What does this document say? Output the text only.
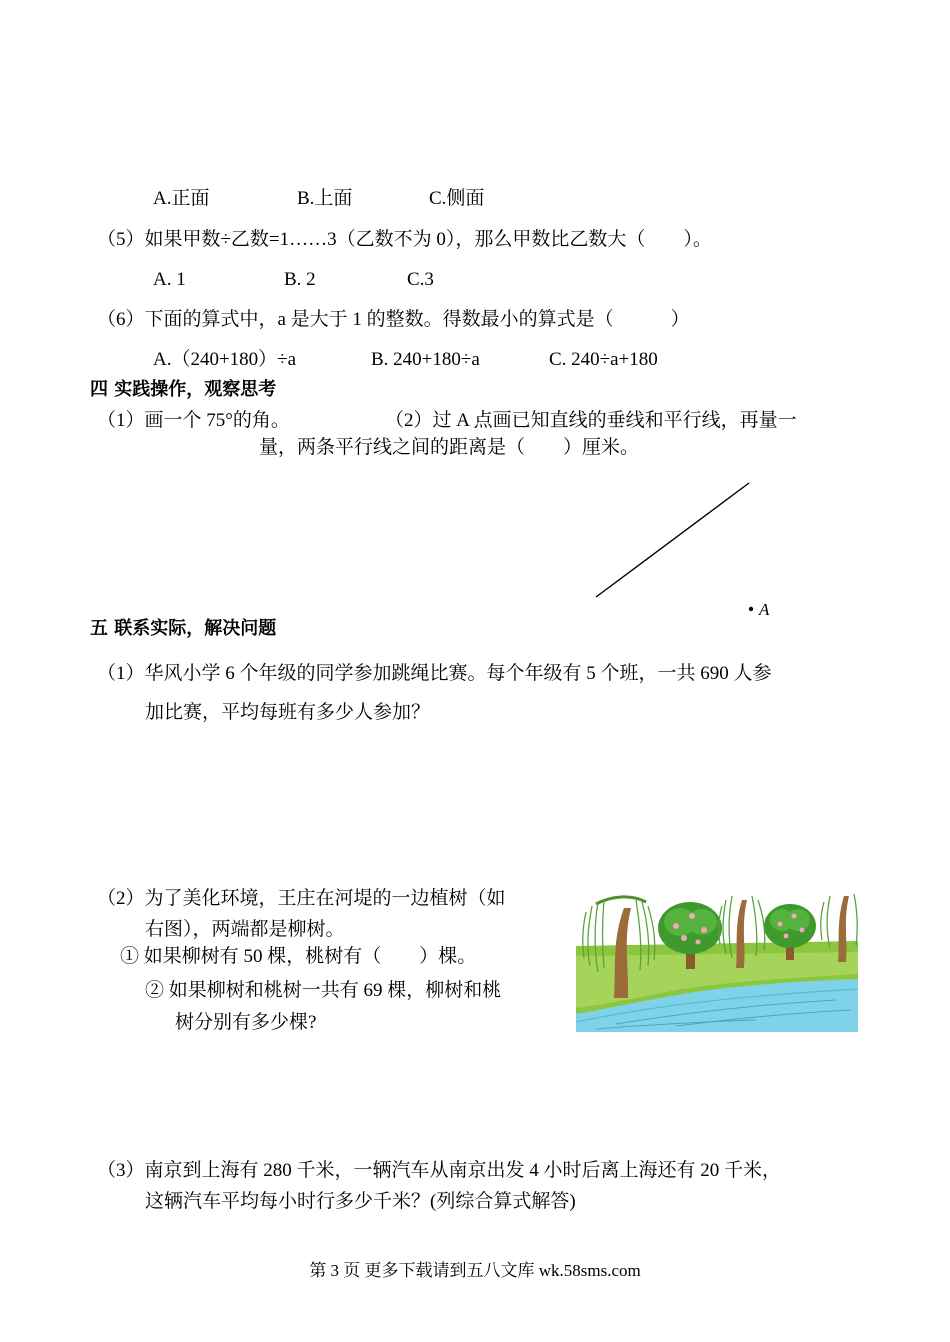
A.正面	B.上面	C.侧面
（5）如果甲数÷乙数=1……3（乙数不为 0），那么甲数比乙数大（　　）。
A. 1	B. 2	C.3
（6）下面的算式中，a 是大于 1 的整数。得数最小的算式是（　　　）
A.（240+180）÷a	B. 240+180÷a	C. 240÷a+180
四 实践操作，观察思考
（1）画一个 75°的角。	（2）过 A 点画已知直线的垂线和平行线，再量一
量，两条平行线之间的距离是（　　）厘米。
A
五 联系实际，解决问题
（1）华风小学 6 个年级的同学参加跳绳比赛。每个年级有 5 个班，一共 690 人参
加比赛，平均每班有多少人参加？
（2）为了美化环境，王庄在河堤的一边植树（如
右图），两端都是柳树。
① 如果柳树有 50 棵，桃树有（　　）棵。
② 如果柳树和桃树一共有 69 棵，柳树和桃
树分别有多少棵?
（3）南京到上海有 280 千米，一辆汽车从南京出发 4 小时后离上海还有 20 千米，
这辆汽车平均每小时行多少千米？(列综合算式解答)
第 3 页 更多下载请到五八文库 wk.58sms.com
